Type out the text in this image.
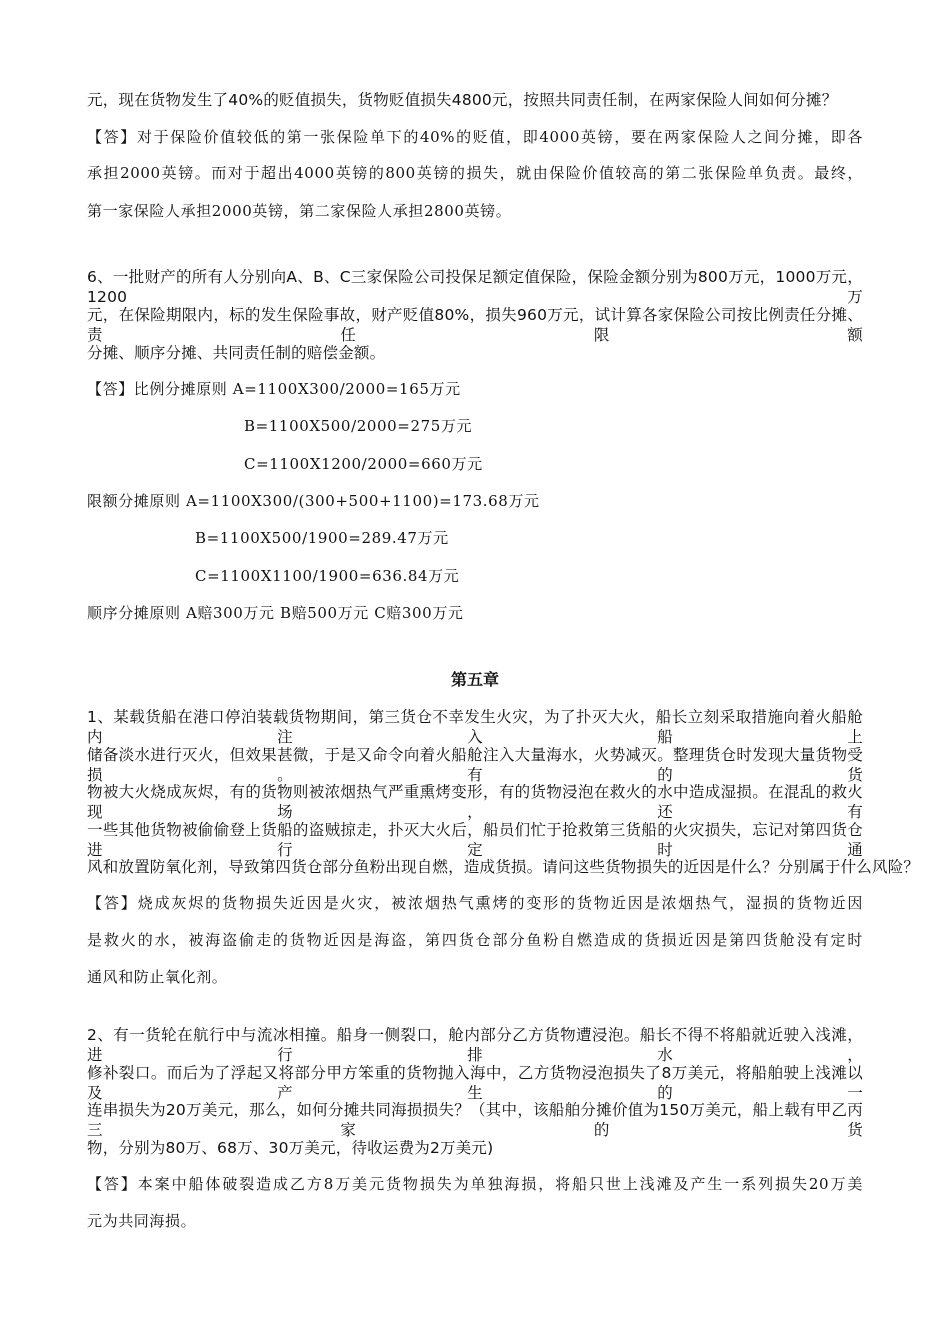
元，现在货物发生了40%的贬值损失，货物贬值损失4800元，按照共同责任制，在两家保险人间如何分摊？
【答】对于保险价值较低的第一张保险单下的40%的贬值，即4000英镑，要在两家保险人之间分摊，即各
承担2000英镑。而对于超出4000英镑的800英镑的损失，就由保险价值较高的第二张保险单负责。最终，
第一家保险人承担2000英镑，第二家保险人承担2800英镑。
6、一批财产的所有人分别向A、B、C三家保险公司投保足额定值保险，保险金额分别为800万元，1000万元，1200万
元，在保险期限内，标的发生保险事故，财产贬值80%，损失960万元，试计算各家保险公司按比例责任分摊、责任限额
分摊、顺序分摊、共同责任制的赔偿金额。
【答】比例分摊原则 A=1100X300/2000=165万元
B=1100X500/2000=275万元
C=1100X1200/2000=660万元
限额分摊原则 A=1100X300/(300+500+1100)=173.68万元
B=1100X500/1900=289.47万元
C=1100X1100/1900=636.84万元
顺序分摊原则 A赔300万元 B赔500万元 C赔300万元
第五章
1、某载货船在港口停泊装载货物期间，第三货仓不幸发生火灾，为了扑灭大火，船长立刻采取措施向着火船舱内注入船上
储备淡水进行灭火，但效果甚微，于是又命令向着火船舱注入大量海水，火势减灭。整理货仓时发现大量货物受损。有的货
物被大火烧成灰烬，有的货物则被浓烟热气严重熏烤变形，有的货物浸泡在救火的水中造成湿损。在混乱的救火现场，还有
一些其他货物被偷偷登上货船的盗贼掠走，扑灭大火后，船员们忙于抢救第三货船的火灾损失，忘记对第四货仓进行定时通
风和放置防氧化剂，导致第四货仓部分鱼粉出现自燃，造成货损。请问这些货物损失的近因是什么？分别属于什么风险？
【答】烧成灰烬的货物损失近因是火灾，被浓烟热气熏烤的变形的货物近因是浓烟热气，湿损的货物近因
是救火的水，被海盗偷走的货物近因是海盗，第四货仓部分鱼粉自燃造成的货损近因是第四货舱没有定时
通风和防止氧化剂。
2、有一货轮在航行中与流冰相撞。船身一侧裂口，舱内部分乙方货物遭浸泡。船长不得不将船就近驶入浅滩，进行排水，
修补裂口。而后为了浮起又将部分甲方笨重的货物抛入海中，乙方货物浸泡损失了8万美元，将船舶驶上浅滩以及产生的一
连串损失为20万美元，那么，如何分摊共同海损损失？（其中，该船舶分摊价值为150万美元，船上载有甲乙丙三家的货
物，分别为80万、68万、30万美元，待收运费为2万美元)
【答】本案中船体破裂造成乙方8万美元货物损失为单独海损，将船只世上浅滩及产生一系列损失20万美
元为共同海损。
